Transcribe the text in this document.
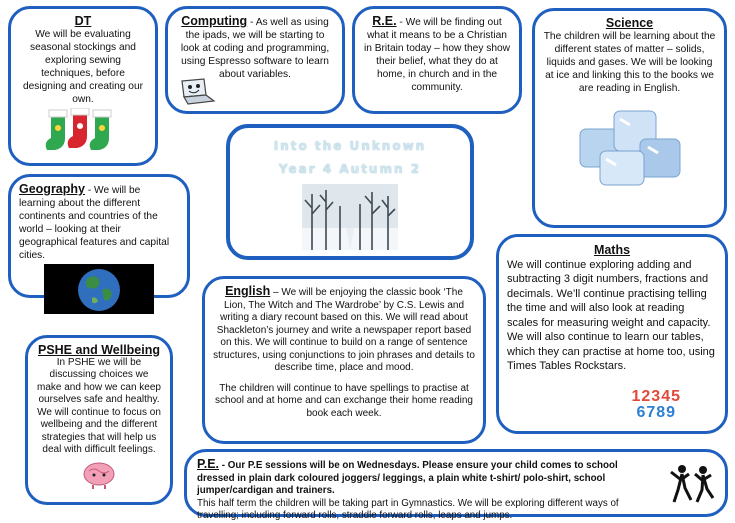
DT
We will be evaluating seasonal stockings and exploring sewing techniques, before designing and creating our own.
Computing - As well as using the ipads, we will be starting to look at coding and programming, using Espresso software to learn about variables.
R.E. - We will be finding out what it means to be a Christian in Britain today – how they show their belief, what they do at home, in church and in the community.
Science
The children will be learning about the different states of matter – solids, liquids and gases. We will be looking at ice and linking this to the books we are reading in English.
Into the Unknown
Year 4 Autumn 2
Geography - We will be learning about the different continents and countries of the world – looking at their geographical features and capital cities.	Maths
We will continue exploring adding and subtracting 3 digit numbers, fractions and decimals. We’ll continue practising telling the time and will also look at reading scales for measuring weight and capacity. We will also continue to learn our tables, which they can practise at home too, using Times Tables Rockstars.
12345
6789
English – We will be enjoying the classic book ‘The Lion, The Witch and The Wardrobe’ by C.S. Lewis and writing a diary recount based on this. We will read about Shackleton’s journey and write a newspaper report based on this. We will continue to build on a range of sentence structures, using conjunctions to join phrases and details to describe time, place and mood.
The children will continue to have spellings to practise at school and at home and can exchange their home reading book each week.
PSHE and Wellbeing
In PSHE we will be discussing choices we make and how we can keep ourselves safe and healthy.
We will continue to focus on wellbeing and the different strategies that will help us deal with difficult feelings.
P.E. - Our P.E sessions will be on Wednesdays. Please ensure your child comes to school dressed in plain dark coloured joggers/ leggings, a plain white t-shirt/ polo-shirt, school jumper/cardigan and trainers.
This half term the children will be taking part in Gymnastics. We will be exploring different ways of travelling; including forward rolls, straddle forward rolls, leaps and jumps.
